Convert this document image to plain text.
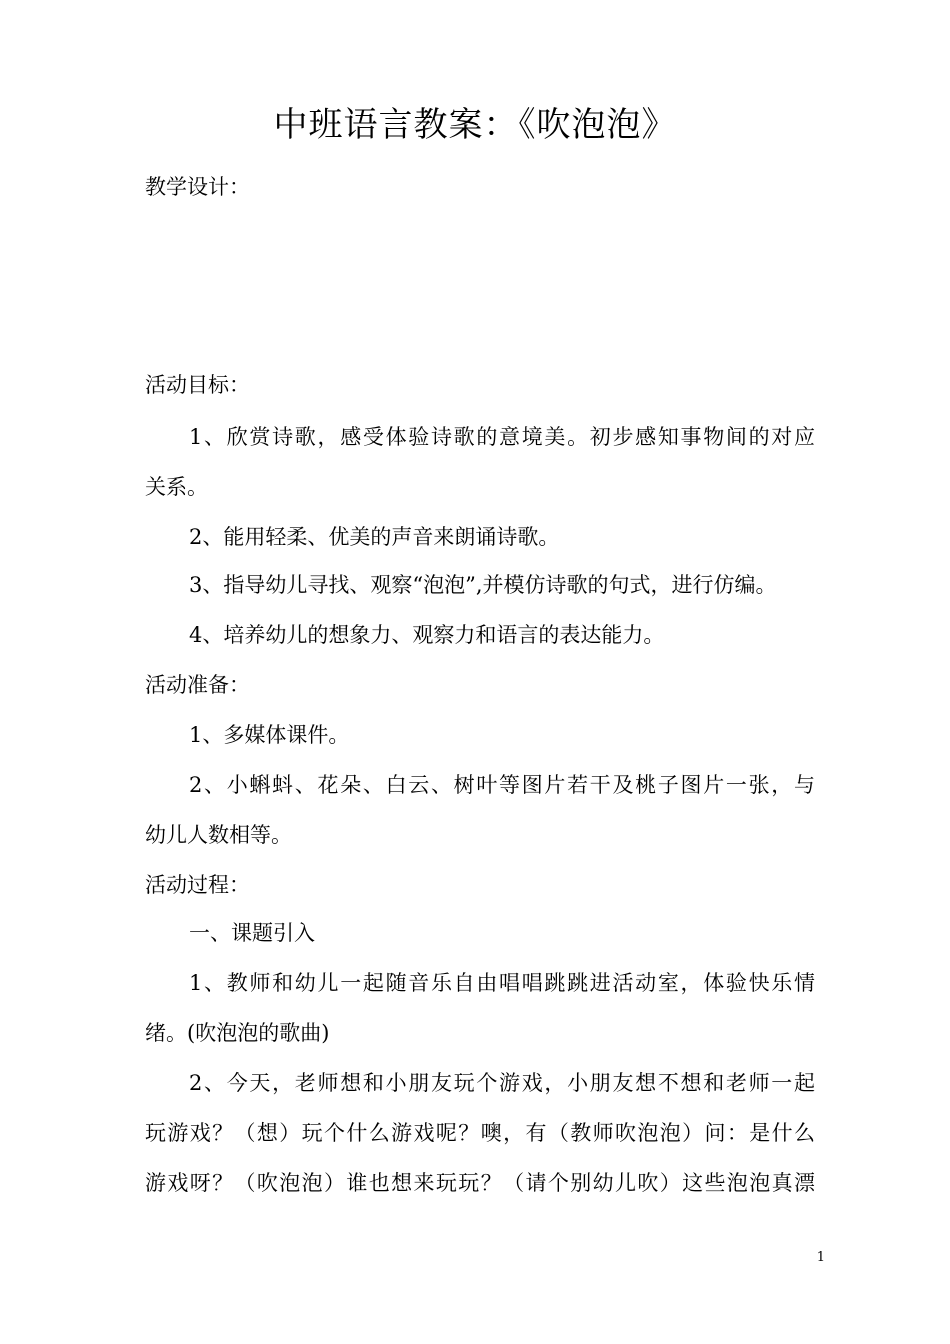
中班语言教案：《吹泡泡》
教学设计：
活动目标：
1、欣赏诗歌，感受体验诗歌的意境美。初步感知事物间的对应
关系。
2、能用轻柔、优美的声音来朗诵诗歌。
3、指导幼儿寻找、观察“泡泡”,并模仿诗歌的句式，进行仿编。
4、培养幼儿的想象力、观察力和语言的表达能力。
活动准备：
1、多媒体课件。
2、小蝌蚪、花朵、白云、树叶等图片若干及桃子图片一张，与
幼儿人数相等。
活动过程：
一、课题引入
1、教师和幼儿一起随音乐自由唱唱跳跳进活动室，体验快乐情
绪。(吹泡泡的歌曲)
2、今天，老师想和小朋友玩个游戏，小朋友想不想和老师一起
玩游戏？（想）玩个什么游戏呢？噢，有（教师吹泡泡）问：是什么
游戏呀？（吹泡泡）谁也想来玩玩？（请个别幼儿吹）这些泡泡真漂
1
